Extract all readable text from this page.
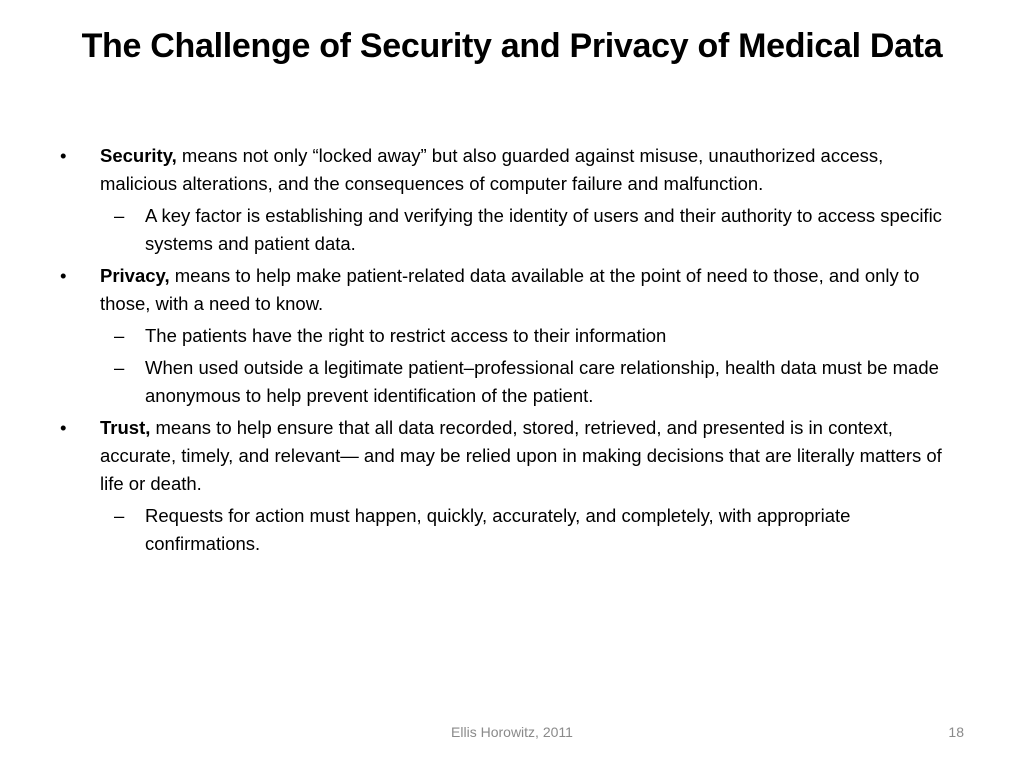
The Challenge of Security and Privacy of Medical Data
•	Security, means not only “locked away” but also guarded against misuse, unauthorized access, malicious alterations, and the consequences of computer failure and malfunction.
– A key factor is establishing and verifying the identity of users and their authority to access specific systems and patient data.
•	Privacy, means to help make patient-related data available at the point of need to those, and only to those, with a need to know.
– The patients have the right to restrict access to their information
– When used outside a legitimate patient–professional care relationship, health data must be made anonymous to help prevent identification of the patient.
•	Trust, means to help ensure that all data recorded, stored, retrieved, and presented is in context, accurate, timely, and relevant— and may be relied upon in making decisions that are literally matters of life or death.
– Requests for action must happen, quickly, accurately, and completely, with appropriate confirmations.
Ellis Horowitz, 2011	18
